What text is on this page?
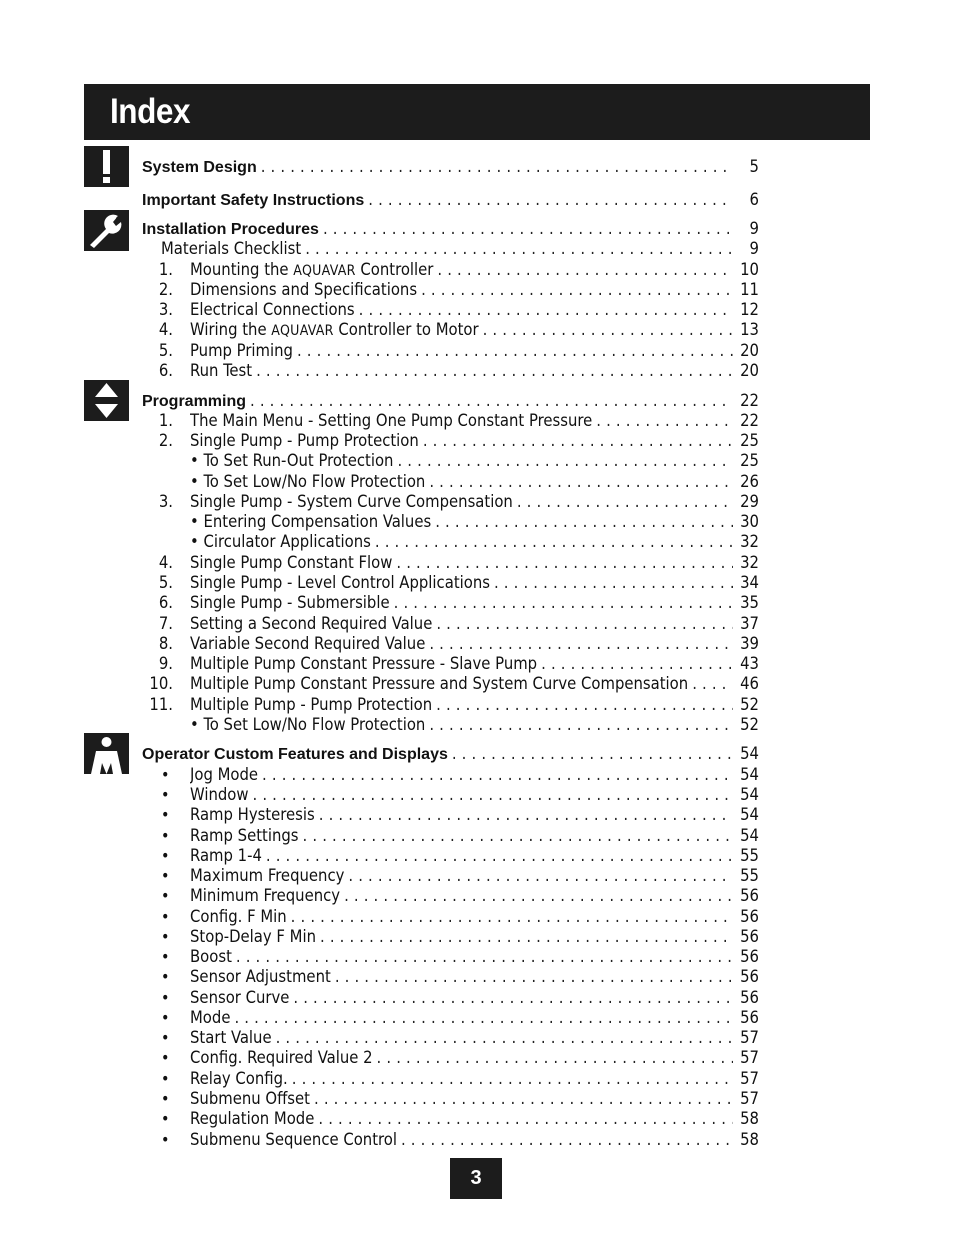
Index
System Design . . .	5
Important Safety Instructions . . .	6
Installation Procedures . . .	9
Materials Checklist . . .	9
1. Mounting the AQUAVAR Controller . . .	10
2. Dimensions and Specifications . . .	11
3. Electrical Connections . . .	12
4. Wiring the AQUAVAR Controller to Motor . . .	13
5. Pump Priming . . .	20
6. Run Test . . .	20
Programming . . .	22
1. The Main Menu - Setting One Pump Constant Pressure . . .	22
2. Single Pump - Pump Protection . . .	25
• To Set Run-Out Protection . . .	25
• To Set Low/No Flow Protection . . .	26
3. Single Pump - System Curve Compensation . . .	29
• Entering Compensation Values . . .	30
• Circulator Applications . . .	32
4. Single Pump Constant Flow . . .	32
5. Single Pump - Level Control Applications . . .	34
6. Single Pump - Submersible . . .	35
7. Setting a Second Required Value . . .	37
8. Variable Second Required Value . . .	39
9. Multiple Pump Constant Pressure - Slave Pump . . .	43
10. Multiple Pump Constant Pressure and System Curve Compensation . . .	46
11. Multiple Pump - Pump Protection . . .	52
• To Set Low/No Flow Protection . . .	52
Operator Custom Features and Displays . . .	54
• Jog Mode . . .	54
• Window . . .	54
• Ramp Hysteresis . . .	54
• Ramp Settings . . .	54
• Ramp 1-4 . . .	55
• Maximum Frequency . . .	55
• Minimum Frequency . . .	56
• Config. F Min . . .	56
• Stop-Delay F Min . . .	56
• Boost . . .	56
• Sensor Adjustment . . .	56
• Sensor Curve . . .	56
• Mode . . .	56
• Start Value . . .	57
• Config. Required Value 2 . . .	57
• Relay Config. . . .	57
• Submenu Offset . . .	57
• Regulation Mode . . .	58
• Submenu Sequence Control . . .	58
3
